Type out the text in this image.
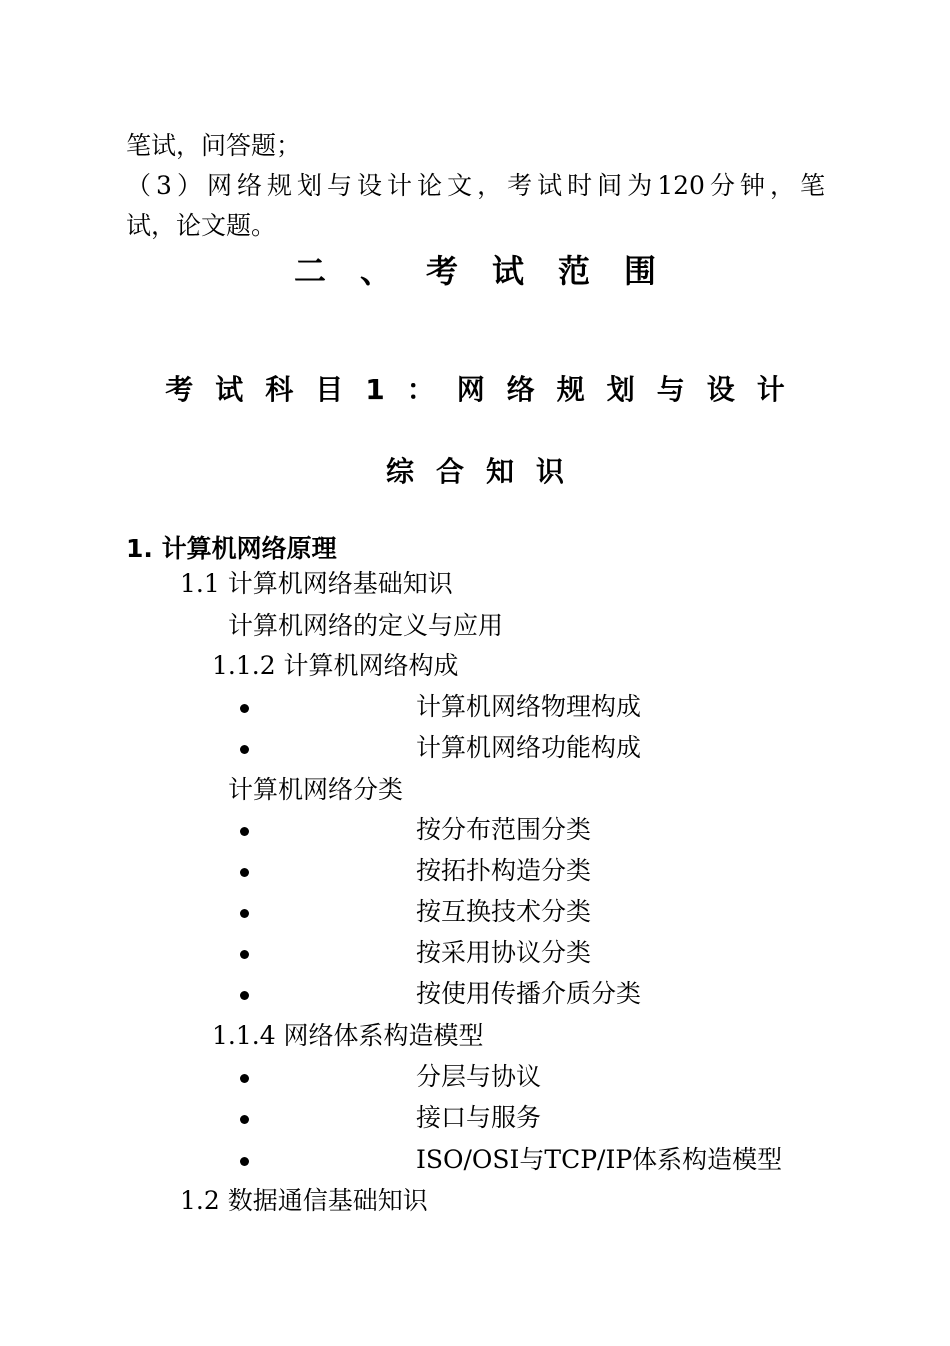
笔试，问答题；
（3）网络规划与设计论文，考试时间为120分钟，笔
试，论文题。
二、考试范围
考试科目1：网络规划与设计
综合知识
1. 计算机网络原理
1.1 计算机网络基础知识
计算机网络的定义与应用
1.1.2 计算机网络构成
计算机网络物理构成
计算机网络功能构成
计算机网络分类
按分布范围分类
按拓扑构造分类
按互换技术分类
按采用协议分类
按使用传播介质分类
1.1.4 网络体系构造模型
分层与协议
接口与服务
ISO/OSI与TCP/IP体系构造模型
1.2 数据通信基础知识
